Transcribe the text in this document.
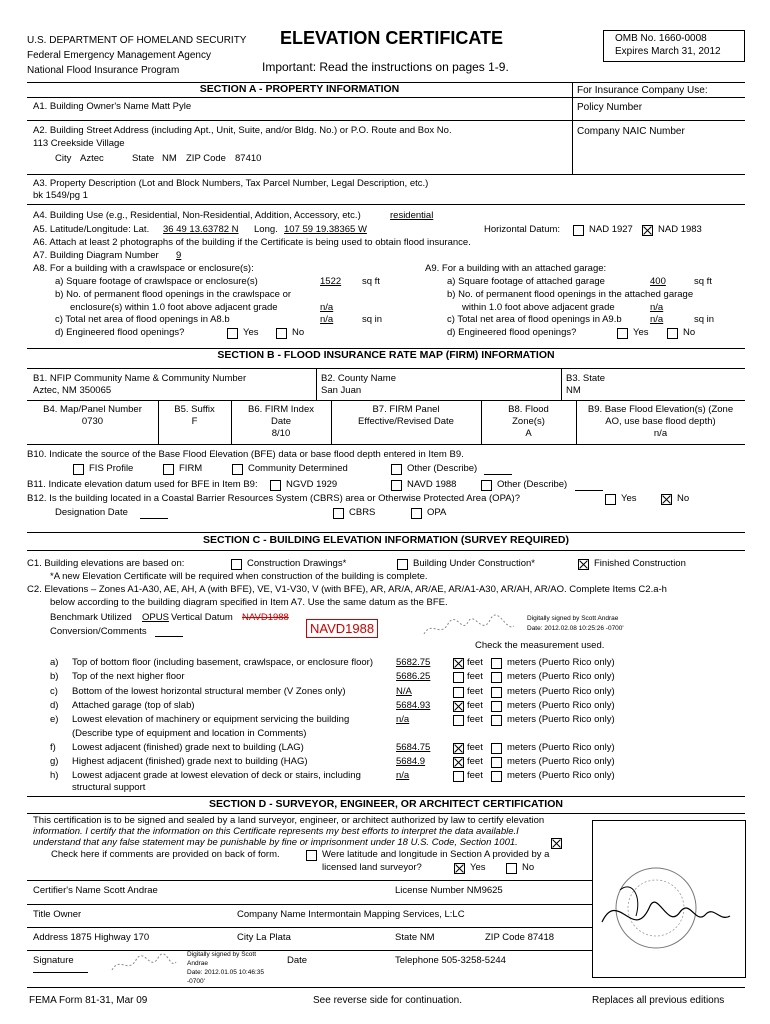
U.S. DEPARTMENT OF HOMELAND SECURITY
Federal Emergency Management Agency
National Flood Insurance Program
ELEVATION CERTIFICATE
Important: Read the instructions on pages 1-9.
OMB No. 1660-0008
Expires March 31, 2012
SECTION A - PROPERTY INFORMATION	For Insurance Company Use:
Policy Number
A1. Building Owner's Name Matt Pyle
Company NAIC Number
A2. Building Street Address (including Apt., Unit, Suite, and/or Bldg. No.) or P.O. Route and Box No.
113 Creekside Village
City Aztec	State NM ZIP Code 87410
A3. Property Description (Lot and Block Numbers, Tax Parcel Number, Legal Description, etc.)
bk 1549/pg 1
A4. Building Use (e.g., Residential, Non-Residential, Addition, Accessory, etc.)	residential
A5. Latitude/Longitude: Lat. 36 49 13.63782 N Long. 107 59 19.38365 W	Horizontal Datum:	NAD 1927	NAD 1983
A6. Attach at least 2 photographs of the building if the Certificate is being used to obtain flood insurance.
A7. Building Diagram Number 9
A8. For a building with a crawlspace or enclosure(s):
a) Square footage of crawlspace or enclosure(s)	1522 sq ft
b) No. of permanent flood openings in the crawlspace or
enclosure(s) within 1.0 foot above adjacent grade	n/a
c) Total net area of flood openings in A8.b	n/a	sq in
d) Engineered flood openings?	Yes	No
A9. For a building with an attached garage:
a) Square footage of attached garage	400	sq ft
b) No. of permanent flood openings in the attached garage
within 1.0 foot above adjacent grade	n/a
c) Total net area of flood openings in A9.b	n/a	sq in
d) Engineered flood openings?	Yes	No
SECTION B - FLOOD INSURANCE RATE MAP (FIRM) INFORMATION
B1. NFIP Community Name & Community Number
Aztec, NM 350065
B2. County Name
San Juan
B3. State
NM
B4. Map/Panel Number
0730
B5. Suffix
F
B6. FIRM Index
Date
8/10
B7. FIRM Panel
Effective/Revised Date
B8. Flood
Zone(s)
A
B9. Base Flood Elevation(s) (Zone
AO, use base flood depth)
n/a
B10. Indicate the source of the Base Flood Elevation (BFE) data or base flood depth entered in Item B9.
FIS Profile	FIRM	Community Determined	Other (Describe)
B11. Indicate elevation datum used for BFE in Item B9:	NGVD 1929	NAVD 1988	Other (Describe)
B12. Is the building located in a Coastal Barrier Resources System (CBRS) area or Otherwise Protected Area (OPA)?	Yes	No
Designation Date	CBRS	OPA
SECTION C - BUILDING ELEVATION INFORMATION (SURVEY REQUIRED)
C1. Building elevations are based on:	Construction Drawings*	Building Under Construction*	Finished Construction
*A new Elevation Certificate will be required when construction of the building is complete.
C2. Elevations – Zones A1-A30, AE, AH, A (with BFE), VE, V1-V30, V (with BFE), AR, AR/A, AR/AE, AR/A1-A30, AR/AH, AR/AO. Complete Items C2.a-h
below according to the building diagram specified in Item A7. Use the same datum as the BFE.
Benchmark Utilized OPUS Vertical Datum NAVD1988
NAVD1988
Conversion/Comments
Digitally signed by Scott Andrae
Date: 2012.02.08 10:25:26 -0700'
Check the measurement used.
a) Top of bottom floor (including basement, crawlspace, or enclosure floor) 5682.75	feet	meters (Puerto Rico only)
b) Top of the next higher floor	5686.25	feet	meters (Puerto Rico only)
c) Bottom of the lowest horizontal structural member (V Zones only)	N/A	feet	meters (Puerto Rico only)
d) Attached garage (top of slab)	5684.93	feet	meters (Puerto Rico only)
e) Lowest elevation of machinery or equipment servicing the building	n/a	feet	meters (Puerto Rico only)
f) Lowest adjacent (finished) grade next to building (LAG)	5684.75	feet	meters (Puerto Rico only)
g) Highest adjacent (finished) grade next to building (HAG)	5684.9	feet	meters (Puerto Rico only)
h) Lowest adjacent grade at lowest elevation of deck or stairs, including	n/a	feet	meters (Puerto Rico only)
(Describe type of equipment and location in Comments)
structural support
SECTION D - SURVEYOR, ENGINEER, OR ARCHITECT CERTIFICATION
This certification is to be signed and sealed by a land surveyor, engineer, or architect authorized by law to certify elevation
information. I certify that the information on this Certificate represents my best efforts to interpret the data available.I
understand that any false statement may be punishable by fine or imprisonment under 18 U.S. Code, Section 1001.
Check here if comments are provided on back of form.	Were latitude and longitude in Section A provided by a
licensed land surveyor?	Yes	No
Certifier's Name Scott Andrae	License Number NM9625
Title Owner	Company Name Intermontain Mapping Services, L:LC
Address 1875 Highway 170	City La Plata	State NM	ZIP Code 87418
Signature
Digitally signed by Scott
Andrae
Date: 2012.01.05 10:46:35
-0700'
Date	Telephone 505-3258-5244
FEMA Form 81-31, Mar 09	See reverse side for continuation.	Replaces all previous editions
